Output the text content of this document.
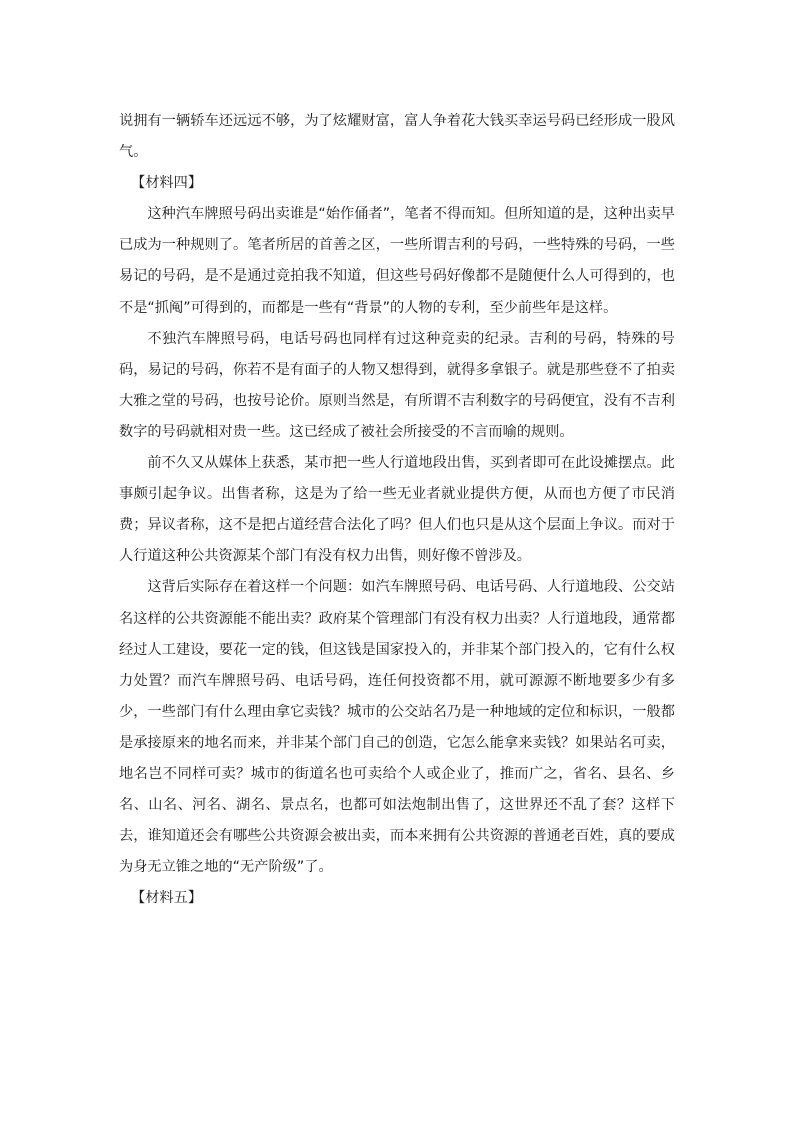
说拥有一辆轿车还远远不够，为了炫耀财富，富人争着花大钱买幸运号码已经形成一股风气。

【材料四】

这种汽车牌照号码出卖谁是“始作俑者”，笔者不得而知。但所知道的是，这种出卖早已成为一种规则了。笔者所居的首善之区，一些所谓吉利的号码，一些特殊的号码，一些易记的号码，是不是通过竞拍我不知道，但这些号码好像都不是随便什么人可得到的，也不是“抓阄”可得到的，而都是一些有“背景”的人物的专利，至少前些年是这样。

不独汽车牌照号码，电话号码也同样有过这种竞卖的纪录。吉利的号码，特殊的号码，易记的号码，你若不是有面子的人物又想得到，就得多拿银子。就是那些登不了拍卖大雅之堂的号码，也按号论价。原则当然是，有所谓不吉利数字的号码便宜，没有不吉利数字的号码就相对贵一些。这已经成了被社会所接受的不言而喻的规则。

前不久又从媒体上获悉，某市把一些人行道地段出售，买到者即可在此设摊摆点。此事颇引起争议。出售者称，这是为了给一些无业者就业提供方便，从而也方便了市民消费；异议者称，这不是把占道经营合法化了吗？但人们也只是从这个层面上争议。而对于人行道这种公共资源某个部门有没有权力出售，则好像不曾涉及。

这背后实际存在着这样一个问题：如汽车牌照号码、电话号码、人行道地段、公交站名这样的公共资源能不能出卖？政府某个管理部门有没有权力出卖？人行道地段，通常都经过人工建设，要花一定的钱，但这钱是国家投入的，并非某个部门投入的，它有什么权力处置？而汽车牌照号码、电话号码，连任何投资都不用，就可源源不断地要多少有多少，一些部门有什么理由拿它卖钱？城市的公交站名乃是一种地域的定位和标识，一般都是承接原来的地名而来，并非某个部门自己的创造，它怎么能拿来卖钱？如果站名可卖，地名岂不同样可卖？城市的街道名也可卖给个人或企业了，推而广之，省名、县名、乡名、山名、河名、湖名、景点名，也都可如法炮制出售了，这世界还不乱了套？这样下去，谁知道还会有哪些公共资源会被出卖，而本来拥有公共资源的普通老百姓，真的要成为身无立锥之地的“无产阶级”了。

【材料五】
